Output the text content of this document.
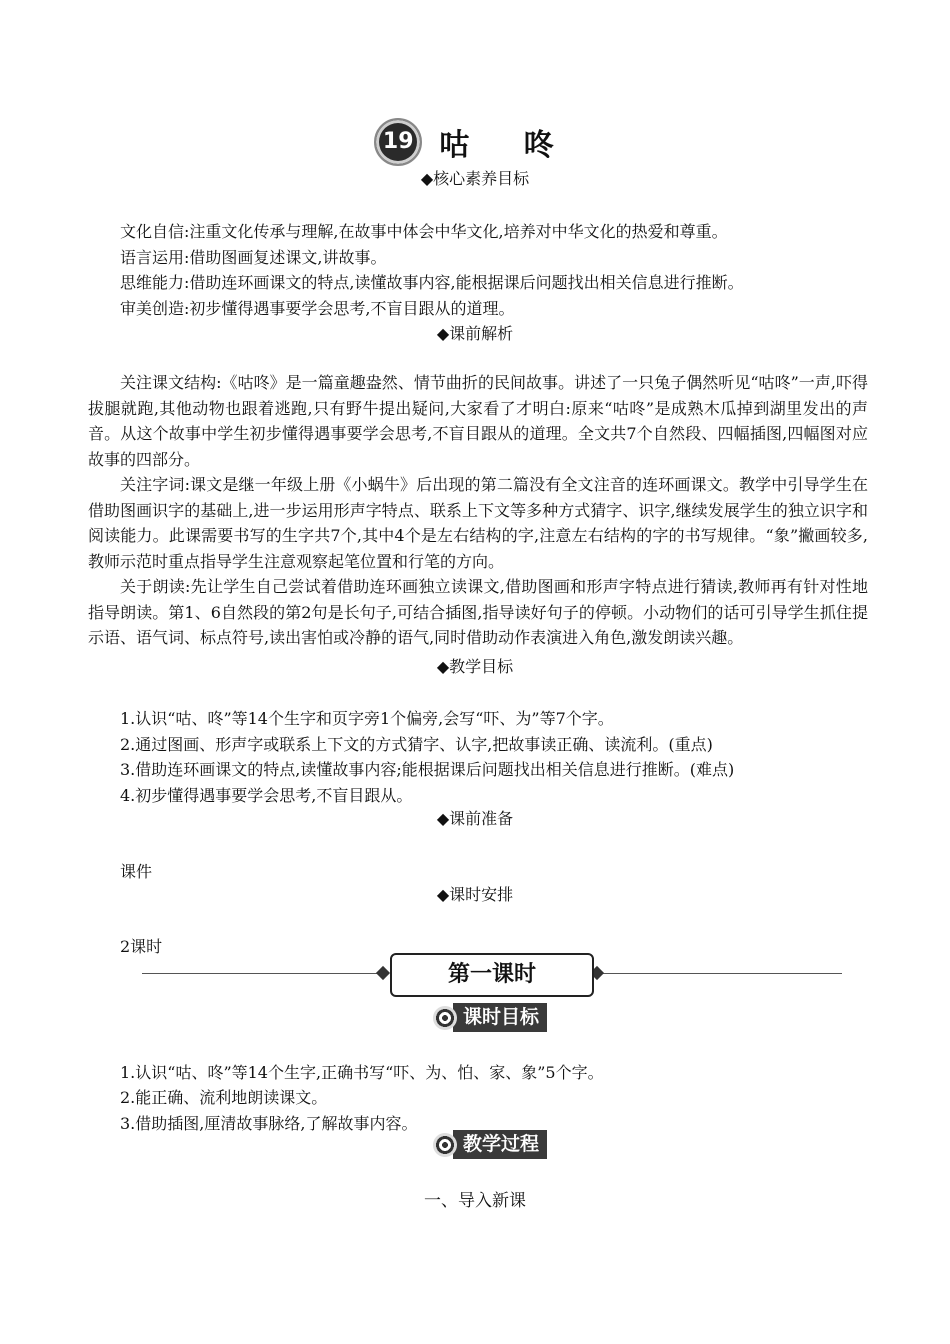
19 咕 咚
◆核心素养目标
文化自信:注重文化传承与理解,在故事中体会中华文化,培养对中华文化的热爱和尊重。
语言运用:借助图画复述课文,讲故事。
思维能力:借助连环画课文的特点,读懂故事内容,能根据课后问题找出相关信息进行推断。
审美创造:初步懂得遇事要学会思考,不盲目跟从的道理。
◆课前解析

关注课文结构:《咕咚》是一篇童趣盎然、情节曲折的民间故事。讲述了一只兔子偶然听见“咕咚”一声,吓得拔腿就跑,其他动物也跟着逃跑,只有野牛提出疑问,大家看了才明白:原来“咕咚”是成熟木瓜掉到湖里发出的声音。从这个故事中学生初步懂得遇事要学会思考,不盲目跟从的道理。全文共7个自然段、四幅插图,四幅图对应故事的四部分。

关注字词:课文是继一年级上册《小蜗牛》后出现的第二篇没有全文注音的连环画课文。教学中引导学生在借助图画识字的基础上,进一步运用形声字特点、联系上下文等多种方式猜字、识字,继续发展学生的独立识字和阅读能力。此课需要书写的生字共7个,其中4个是左右结构的字,注意左右结构的字的书写规律。“象”撇画较多,教师示范时重点指导学生注意观察起笔位置和行笔的方向。

关于朗读:先让学生自己尝试着借助连环画独立读课文,借助图画和形声字特点进行猜读,教师再有针对性地指导朗读。第1、6自然段的第2句是长句子,可结合插图,指导读好句子的停顿。小动物们的话可引导学生抓住提示语、语气词、标点符号,读出害怕或冷静的语气,同时借助动作表演进入角色,激发朗读兴趣。

◆教学目标
1.认识“咕、咚”等14个生字和页字旁1个偏旁,会写“吓、为”等7个字。
2.通过图画、形声字或联系上下文的方式猜字、认字,把故事读正确、读流利。(重点)
3.借助连环画课文的特点,读懂故事内容;能根据课后问题找出相关信息进行推断。(难点)
4.初步懂得遇事要学会思考,不盲目跟从。
◆课前准备
课件
◆课时安排
2课时
第一课时
课时目标
1.认识“咕、咚”等14个生字,正确书写“吓、为、怕、家、象”5个字。
2.能正确、流利地朗读课文。
3.借助插图,厘清故事脉络,了解故事内容。
教学过程
一、导入新课
